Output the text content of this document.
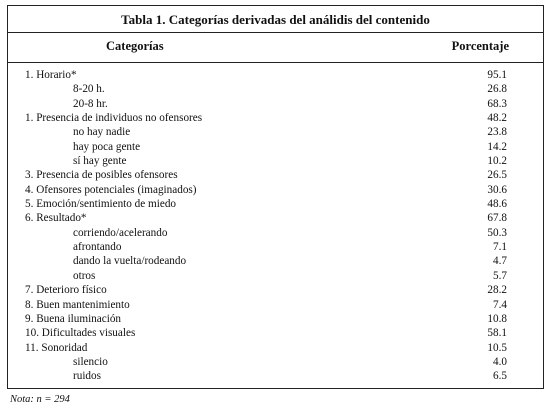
Tabla 1. Categorías derivadas del análidis del contenido
Categorías	Porcentaje
1. Horario*	95.1
8-20 h.	26.8
20-8 hr.	68.3
1. Presencia de individuos no ofensores	48.2
no hay nadie	23.8
hay poca gente	14.2
sí hay gente	10.2
3. Presencia de posibles ofensores	26.5
4. Ofensores potenciales (imaginados)	30.6
5. Emoción/sentimiento de miedo	48.6
6. Resultado*	67.8
corriendo/acelerando	50.3
afrontando	7.1
dando la vuelta/rodeando	4.7
otros	5.7
7. Deterioro físico	28.2
8. Buen mantenimiento	7.4
9. Buena iluminación	10.8
10. Dificultades visuales	58.1
11. Sonoridad	10.5
silencio	4.0
ruidos	6.5
Nota: n = 294
